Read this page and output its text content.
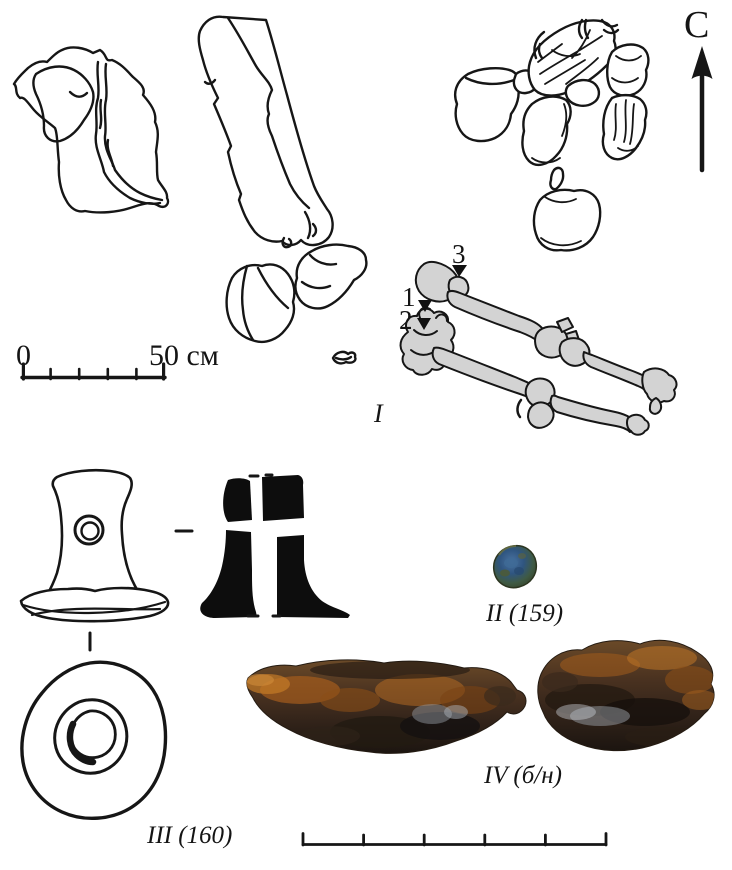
С
0	50 см
3
1
2
I
II (159)
III (160)
IV (б/н)
